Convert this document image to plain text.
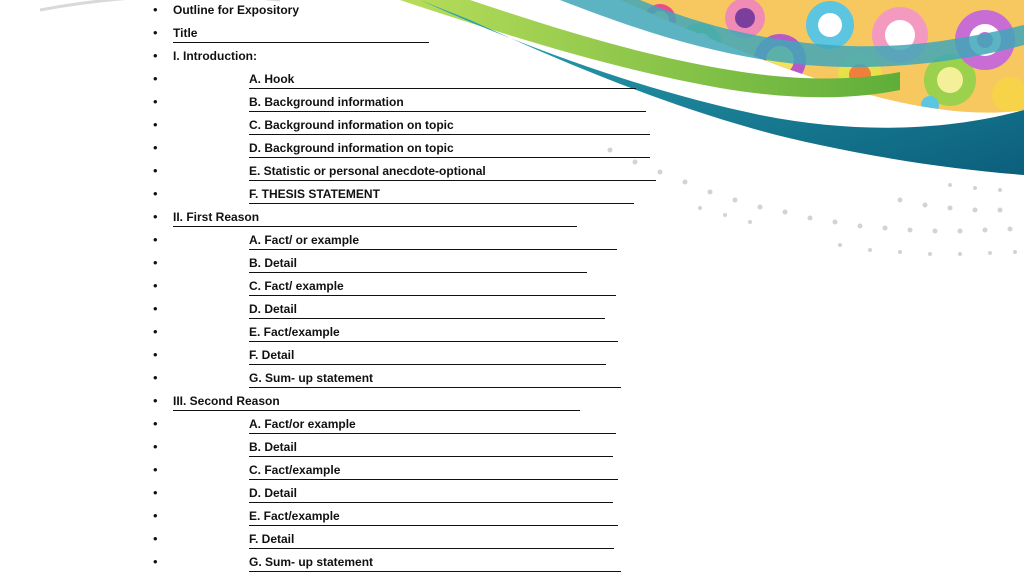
• Outline for Expository
• Title
• I. Introduction:
•	A. Hook
•	B. Background information
•	C. Background information on topic
•	D. Background information on topic
•	E. Statistic or personal anecdote-optional
•	F. THESIS STATEMENT
• II. First Reason
•	A. Fact/ or example
•	B. Detail
•	C. Fact/ example
•	D. Detail
•	E. Fact/example
•	F. Detail
•	G. Sum- up statement
• III. Second Reason
•	A. Fact/or example
•	B. Detail
•	C. Fact/example
•	D. Detail
•	E. Fact/example
•	F. Detail
•	G. Sum- up statement
